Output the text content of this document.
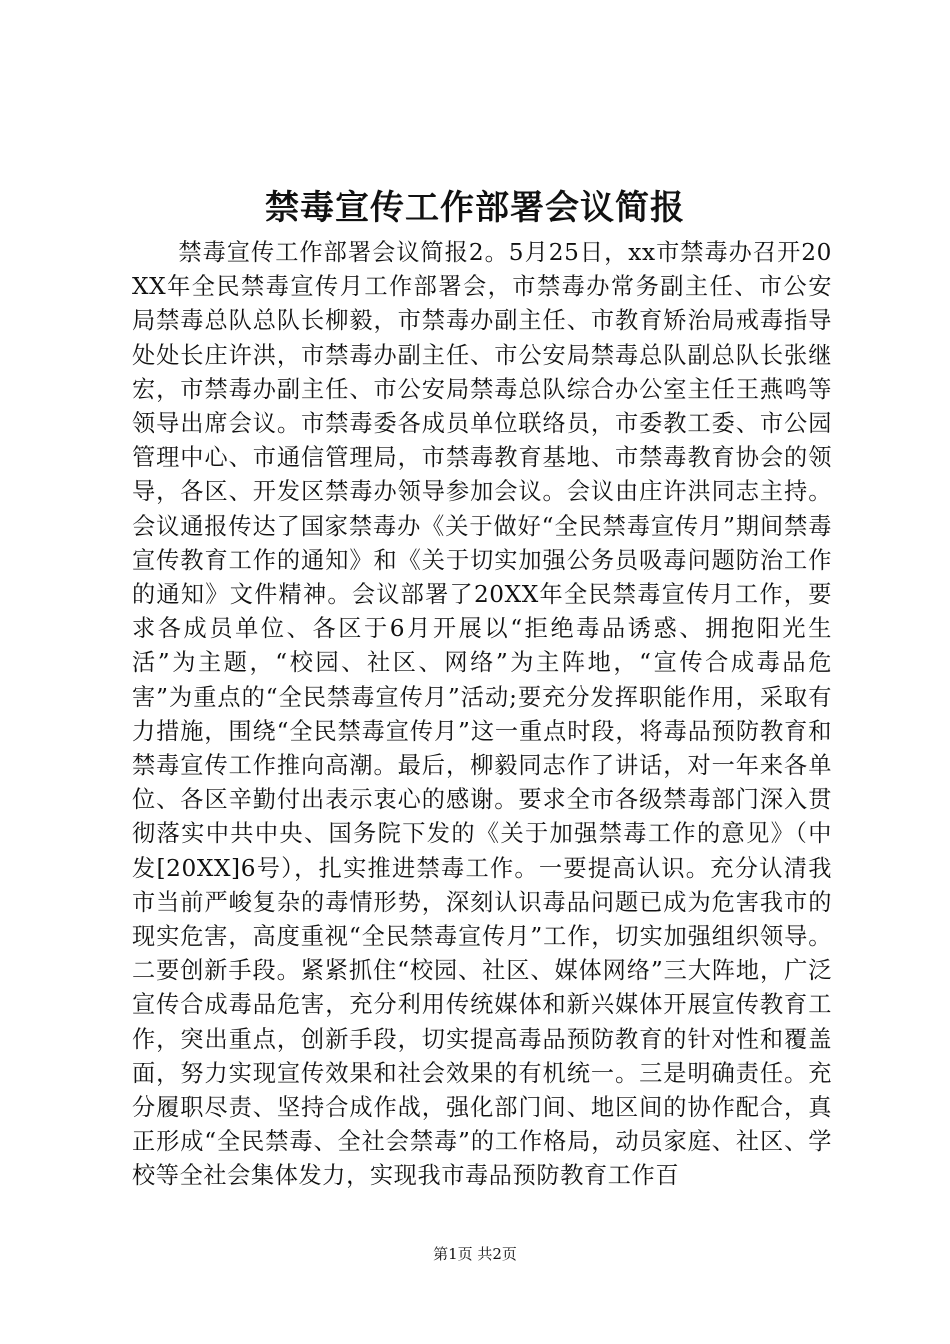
禁毒宣传工作部署会议简报

禁毒宣传工作部署会议简报2。5月25日，xx市禁毒办召开20XX年全民禁毒宣传月工作部署会，市禁毒办常务副主任、市公安局禁毒总队总队长柳毅，市禁毒办副主任、市教育矫治局戒毒指导处处长庄许洪，市禁毒办副主任、市公安局禁毒总队副总队长张继宏，市禁毒办副主任、市公安局禁毒总队综合办公室主任王燕鸣等领导出席会议。市禁毒委各成员单位联络员，市委教工委、市公园管理中心、市通信管理局，市禁毒教育基地、市禁毒教育协会的领导，各区、开发区禁毒办领导参加会议。会议由庄许洪同志主持。会议通报传达了国家禁毒办《关于做好“全民禁毒宣传月”期间禁毒宣传教育工作的通知》和《关于切实加强公务员吸毒问题防治工作的通知》文件精神。会议部署了20XX年全民禁毒宣传月工作，要求各成员单位、各区于6月开展以“拒绝毒品诱惑、拥抱阳光生活”为主题，“校园、社区、网络”为主阵地，“宣传合成毒品危害”为重点的“全民禁毒宣传月”活动;要充分发挥职能作用，采取有力措施，围绕“全民禁毒宣传月”这一重点时段，将毒品预防教育和禁毒宣传工作推向高潮。最后，柳毅同志作了讲话，对一年来各单位、各区辛勤付出表示衷心的感谢。要求全市各级禁毒部门深入贯彻落实中共中央、国务院下发的《关于加强禁毒工作的意见》（中发[20XX]6号），扎实推进禁毒工作。一要提高认识。充分认清我市当前严峻复杂的毒情形势，深刻认识毒品问题已成为危害我市的现实危害，高度重视“全民禁毒宣传月”工作，切实加强组织领导。二要创新手段。紧紧抓住“校园、社区、媒体网络”三大阵地，广泛宣传合成毒品危害，充分利用传统媒体和新兴媒体开展宣传教育工作，突出重点，创新手段，切实提高毒品预防教育的针对性和覆盖面，努力实现宣传效果和社会效果的有机统一。三是明确责任。充分履职尽责、坚持合成作战，强化部门间、地区间的协作配合，真正形成“全民禁毒、全社会禁毒”的工作格局，动员家庭、社区、学校等全社会集体发力，实现我市毒品预防教育工作百

第1页 共2页
